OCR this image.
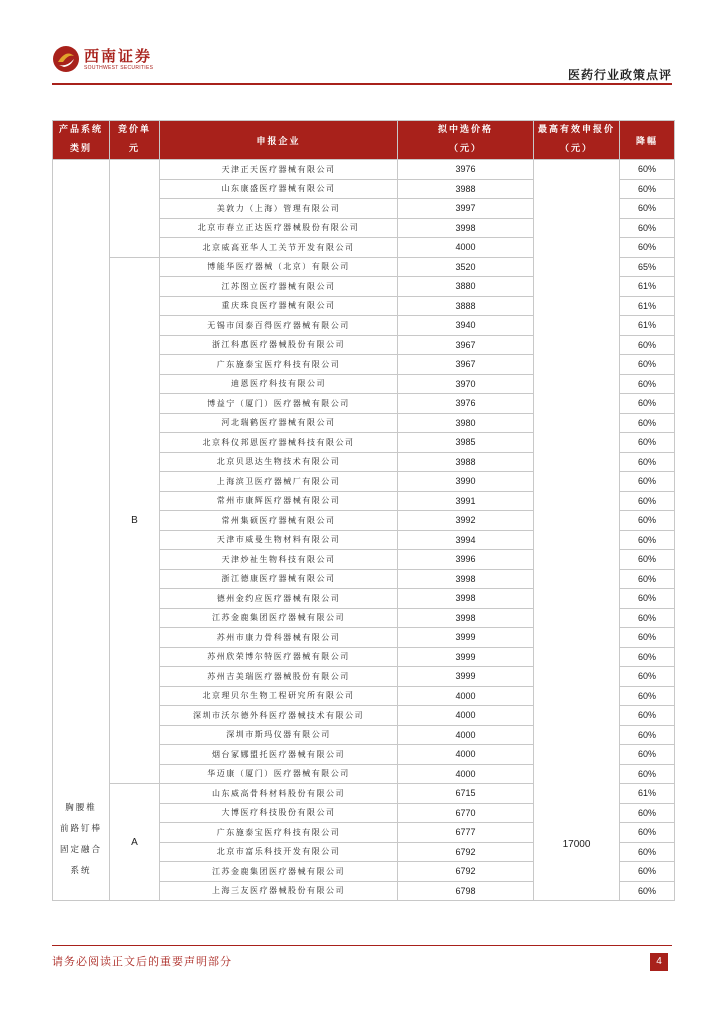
西南证券
SOUTHWEST SECURITIES	医药行业政策点评
产品系统类别	竞价单元	申报企业	拟中选价格（元）	最高有效申报价（元）	降幅

胸腰椎
前路钉棒
固定融合
系统		天津正天医疗器械有限公司	3976	17000	60%
		山东康盛医疗器械有限公司	3988		60%
		美敦力（上海）管理有限公司	3997		60%
		北京市春立正达医疗器械股份有限公司	3998		60%
		北京威高亚华人工关节开发有限公司	4000		60%
	B	博能华医疗器械（北京）有限公司	3520		65%
		江苏图立医疗器械有限公司	3880		61%
		重庆珠良医疗器械有限公司	3888		61%
		无锡市闰泰百得医疗器械有限公司	3940		61%
		浙江科惠医疗器械股份有限公司	3967		60%
		广东施泰宝医疗科技有限公司	3967		60%
		迪恩医疗科技有限公司	3970		60%
		博益宁（厦门）医疗器械有限公司	3976		60%
		河北瑞鹤医疗器械有限公司	3980		60%
		北京科仪邦恩医疗器械科技有限公司	3985		60%
		北京贝思达生物技术有限公司	3988		60%
		上海滨卫医疗器械厂有限公司	3990		60%
		常州市康辉医疗器械有限公司	3991		60%
		常州集硕医疗器械有限公司	3992		60%
		天津市威曼生物材料有限公司	3994		60%
		天津炒祉生物科技有限公司	3996		60%
		浙江德康医疗器械有限公司	3998		60%
		德州金约应医疗器械有限公司	3998		60%
		江苏金鹿集团医疗器械有限公司	3998		60%
		苏州市康力骨科器械有限公司	3999		60%
		苏州欣荣博尔特医疗器械有限公司	3999		60%
		苏州吉美瑞医疗器械股份有限公司	3999		60%
		北京理贝尔生物工程研究所有限公司	4000		60%
		深圳市沃尔德外科医疗器械技术有限公司	4000		60%
		深圳市斯玛仪器有限公司	4000		60%
		烟台冢娜盟托医疗器械有限公司	4000		60%
		华迈康（厦门）医疗器械有限公司	4000		60%
	A	山东威高骨科材料股份有限公司	6715		61%
		大博医疗科技股份有限公司	6770		60%
		广东施泰宝医疗科技有限公司	6777		60%
		北京市富乐科技开发有限公司	6792		60%
		江苏金鹿集团医疗器械有限公司	6792		60%
		上海三友医疗器械股份有限公司	6798		60%
请务必阅读正文后的重要声明部分	4
